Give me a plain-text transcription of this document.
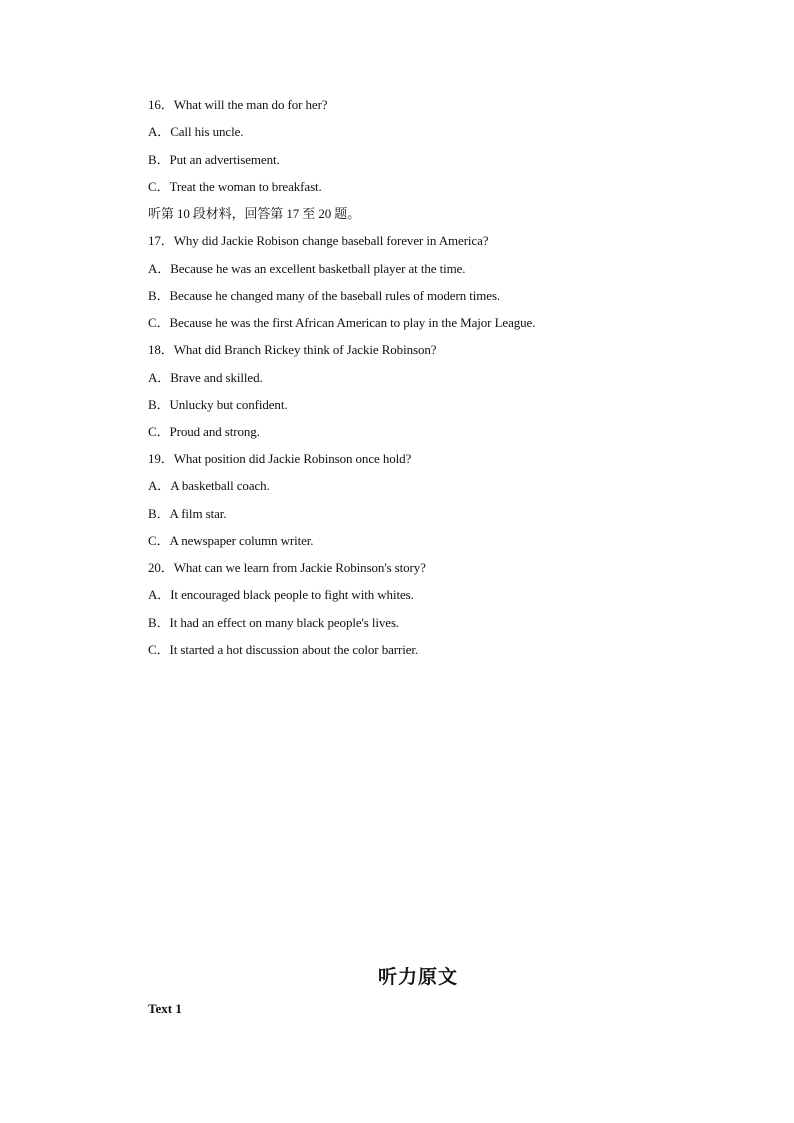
16．What will the man do for her?
A．Call his uncle.
B．Put an advertisement.
C．Treat the woman to breakfast.
听第 10 段材料，回答第 17 至 20 题。
17．Why did Jackie Robison change baseball forever in America?
A．Because he was an excellent basketball player at the time.
B．Because he changed many of the baseball rules of modern times.
C．Because he was the first African American to play in the Major League.
18．What did Branch Rickey think of Jackie Robinson?
A．Brave and skilled.
B．Unlucky but confident.
C．Proud and strong.
19．What position did Jackie Robinson once hold?
A．A basketball coach.
B．A film star.
C．A newspaper column writer.
20．What can we learn from Jackie Robinson's story?
A．It encouraged black people to fight with whites.
B．It had an effect on many black people's lives.
C．It started a hot discussion about the color barrier.
听力原文
Text 1
